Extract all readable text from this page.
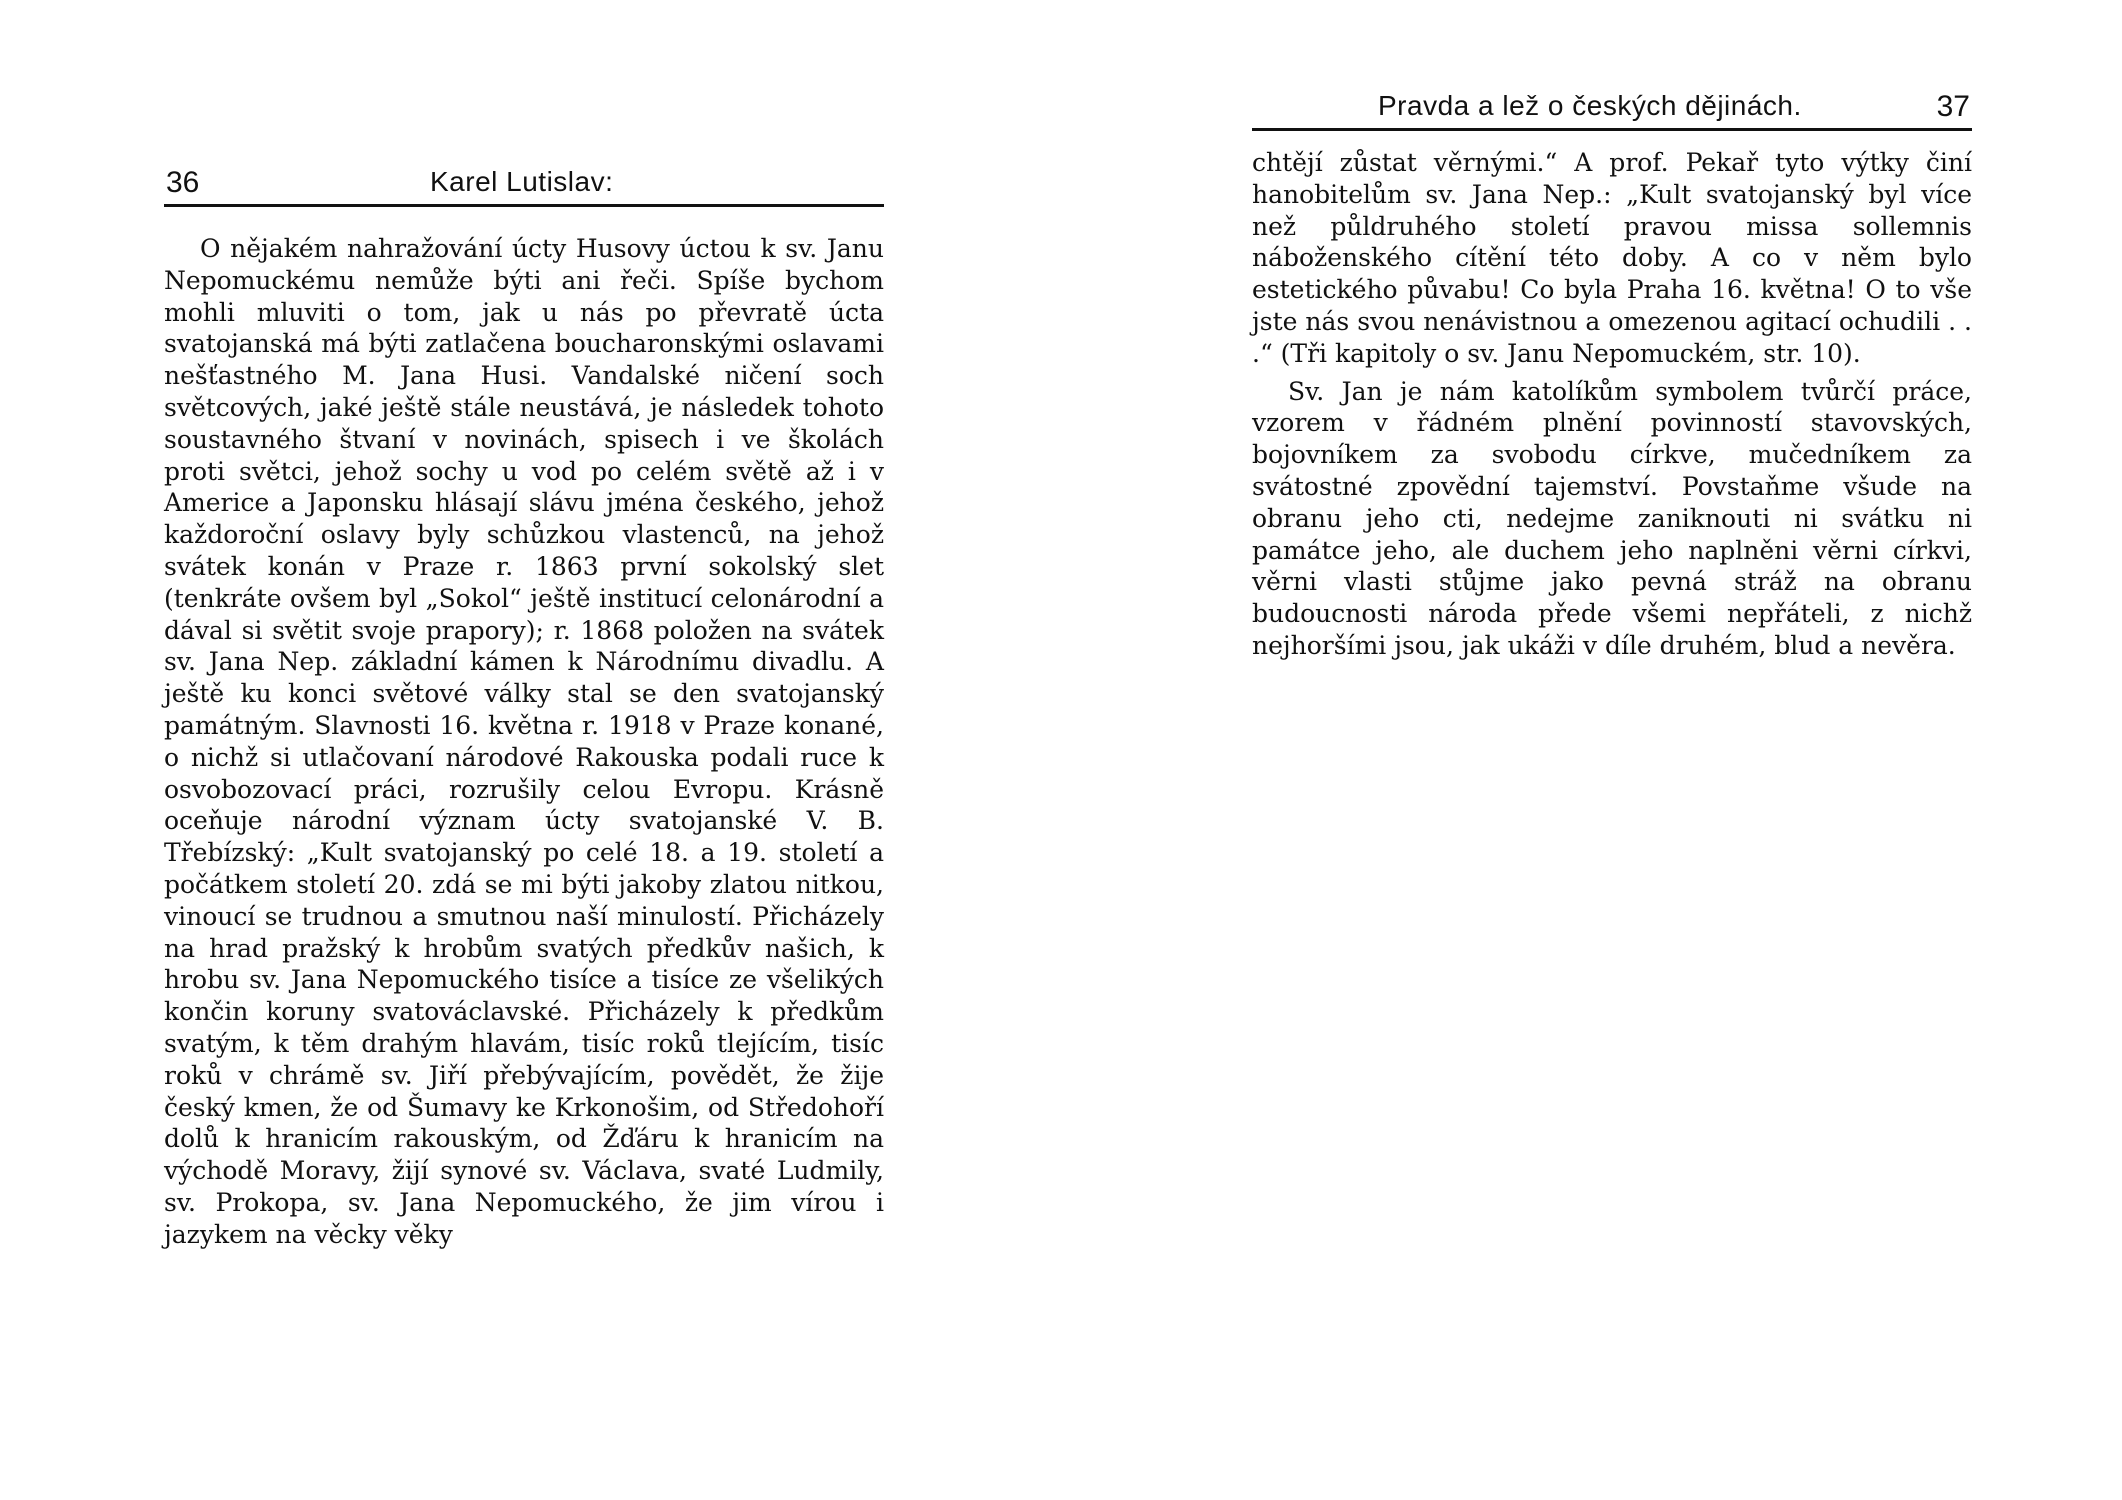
36	Karel Lutislav:

O nějakém nahražování úcty Husovy úctou k sv. Janu Nepomuckému nemůže býti ani řeči. Spíše bychom mohli mluviti o tom, jak u nás po převratě úcta svatojanská má býti zatlačena boucharonskými oslavami nešťastného M. Jana Husi. Vandalské ničení soch světcových, jaké ještě stále neustává, je následek tohoto soustavného štvaní v novinách, spisech i ve školách proti světci, jehož sochy u vod po celém světě až i v Americe a Japonsku hlásají slávu jména českého, jehož každoroční oslavy byly schůzkou vlastenců, na jehož svátek konán v Praze r. 1863 první sokolský slet (tenkráte ovšem byl „Sokol“ ještě institucí celonárodní a dával si světit svoje prapory); r. 1868 položen na svátek sv. Jana Nep. základní kámen k Národnímu divadlu. A ještě ku konci světové války stal se den svatojanský památným. Slavnosti 16. května r. 1918 v Praze konané, o nichž si utlačovaní národové Rakouska podali ruce k osvobozovací práci, rozrušily celou Evropu. Krásně oceňuje národní význam úcty svatojanské V. B. Třebízský: „Kult svatojanský po celé 18. a 19. století a počátkem století 20. zdá se mi býti jakoby zlatou nitkou, vinoucí se trudnou a smutnou naší minulostí. Přicházely na hrad pražský k hrobům svatých předkův našich, k hrobu sv. Jana Nepomuckého tisíce a tisíce ze všelikých končin koruny svatováclavské. Přicházely k předkům svatým, k těm drahým hlavám, tisíc roků tlejícím, tisíc roků v chrámě sv. Jiří přebývajícím, povědět, že žije český kmen, že od Šumavy ke Krkonošim, od Středohoří dolů k hranicím rakouským, od Žďáru k hranicím na východě Moravy, žijí synové sv. Václava, svaté Ludmily, sv. Prokopa, sv. Jana Nepomuckého, že jim vírou i jazykem na věcky věky

Pravda a lež o českých dějinách.	37

chtějí zůstat věrnými.“ A prof. Pekař tyto výtky činí hanobitelům sv. Jana Nep.: „Kult svatojanský byl více než půldruhého století pravou missa sollemnis náboženského cítění této doby. A co v něm bylo estetického půvabu! Co byla Praha 16. května! O to vše jste nás svou nenávistnou a omezenou agitací ochudili . . .“ (Tři kapitoly o sv. Janu Nepomuckém, str. 10).

Sv. Jan je nám katolíkům symbolem tvůrčí práce, vzorem v řádném plnění povinností stavovských, bojovníkem za svobodu církve, mučedníkem za svátostné zpovědní tajemství. Povstaňme všude na obranu jeho cti, nedejme zaniknouti ni svátku ni památce jeho, ale duchem jeho naplněni věrni církvi, věrni vlasti stůjme jako pevná stráž na obranu budoucnosti národa přede všemi nepřáteli, z nichž nejhoršími jsou, jak ukáži v díle druhém, blud a nevěra.
